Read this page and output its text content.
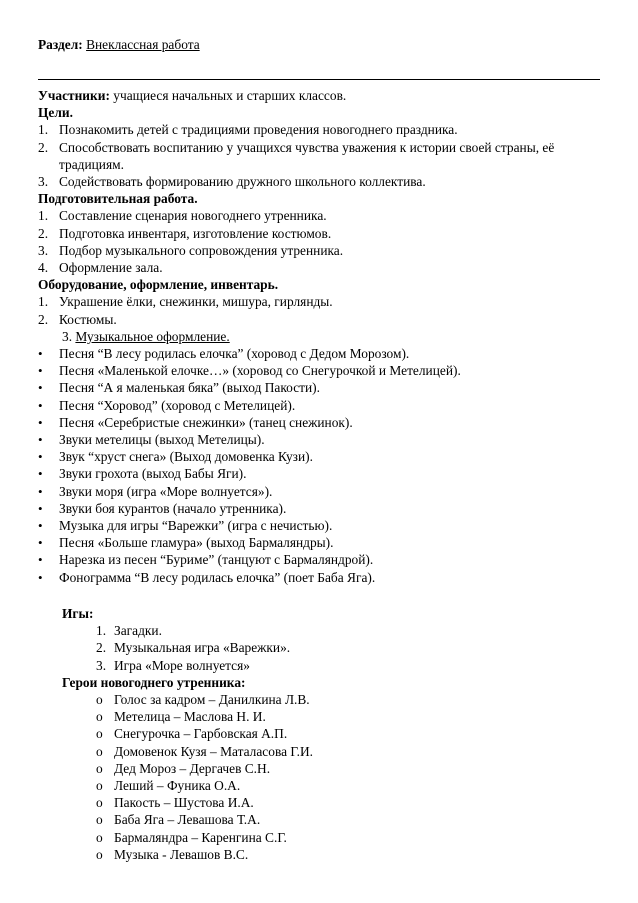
Раздел: Внеклассная работа
Участники: учащиеся начальных и старших классов.
Цели.
1. Познакомить детей с традициями проведения новогоднего праздника.
2. Способствовать воспитанию у учащихся чувства уважения к истории своей страны, её традициям.
3. Содействовать формированию дружного школьного коллектива.
Подготовительная работа.
1. Составление сценария новогоднего утренника.
2. Подготовка инвентаря, изготовление костюмов.
3. Подбор музыкального сопровождения утренника.
4. Оформление зала.
Оборудование, оформление, инвентарь.
1. Украшение ёлки, снежинки, мишура, гирлянды.
2. Костюмы.
3. Музыкальное оформление.
•	Песня “В лесу родилась елочка” (хоровод с Дедом Морозом).
•	Песня «Маленькой елочке…» (хоровод со Снегурочкой и Метелицей).
•	Песня “А я маленькая бяка” (выход Пакости).
•	Песня “Хоровод” (хоровод с Метелицей).
•	Песня «Серебристые снежинки» (танец снежинок).
•	Звуки метелицы (выход Метелицы).
•	Звук “хруст снега» (Выход домовенка Кузи).
•	Звуки грохота (выход Бабы Яги).
•	Звуки моря (игра «Море волнуется»).
•	Звуки боя курантов (начало утренника).
•	Музыка для игры “Варежки” (игра с нечистью).
•	Песня «Больше гламура» (выход Бармаляндры).
•	Нарезка из песен “Буриме” (танцуют с Бармаляндрой).
•	Фонограмма “В лесу родилась елочка” (поет Баба Яга).
Игы:
1. Загадки.
2. Музыкальная игра «Варежки».
3. Игра «Море волнуется»
Герои новогоднего утренника:
o Голос за кадром – Данилкина Л.В.
o Метелица – Маслова Н. И.
o Снегурочка – Гарбовская А.П.
o Домовенок Кузя – Маталасова Г.И.
o Дед Мороз – Дергачев С.Н.
o Леший – Фуника О.А.
o Пакость – Шустова И.А.
o Баба Яга – Левашова Т.А.
o Бармаляндра – Каренгина С.Г.
o Музыка - Левашов В.С.
